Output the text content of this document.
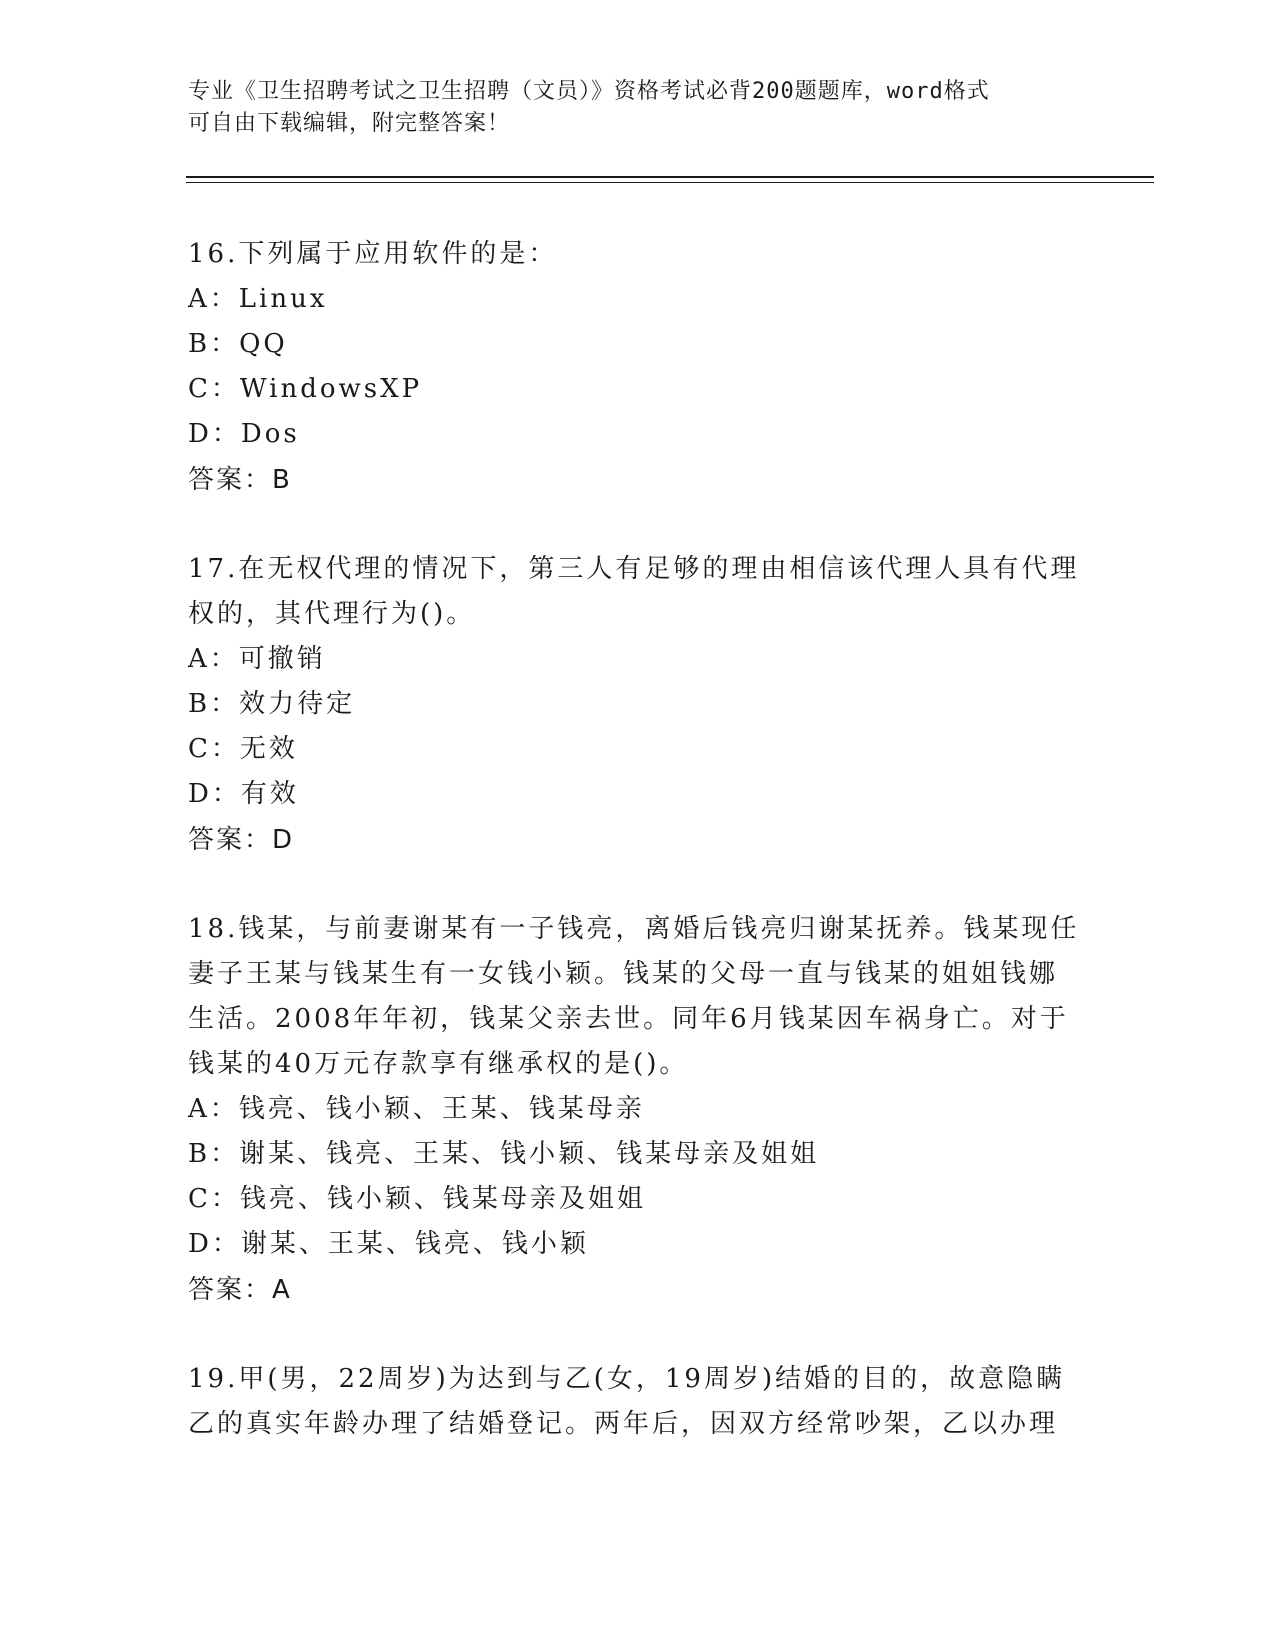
专业《卫生招聘考试之卫生招聘（文员）》资格考试必背200题题库，word格式
可自由下载编辑，附完整答案！
16.下列属于应用软件的是：
A：Linux
B：QQ
C：WindowsXP
D：Dos
答案：B
17.在无权代理的情况下，第三人有足够的理由相信该代理人具有代理
权的，其代理行为()。
A：可撤销
B：效力待定
C：无效
D：有效
答案：D
18.钱某，与前妻谢某有一子钱亮，离婚后钱亮归谢某抚养。钱某现任
妻子王某与钱某生有一女钱小颖。钱某的父母一直与钱某的姐姐钱娜
生活。2008年年初，钱某父亲去世。同年6月钱某因车祸身亡。对于
钱某的40万元存款享有继承权的是()。
A：钱亮、钱小颖、王某、钱某母亲
B：谢某、钱亮、王某、钱小颖、钱某母亲及姐姐
C：钱亮、钱小颖、钱某母亲及姐姐
D：谢某、王某、钱亮、钱小颖
答案：A
19.甲(男，22周岁)为达到与乙(女，19周岁)结婚的目的，故意隐瞒
乙的真实年龄办理了结婚登记。两年后，因双方经常吵架，乙以办理
